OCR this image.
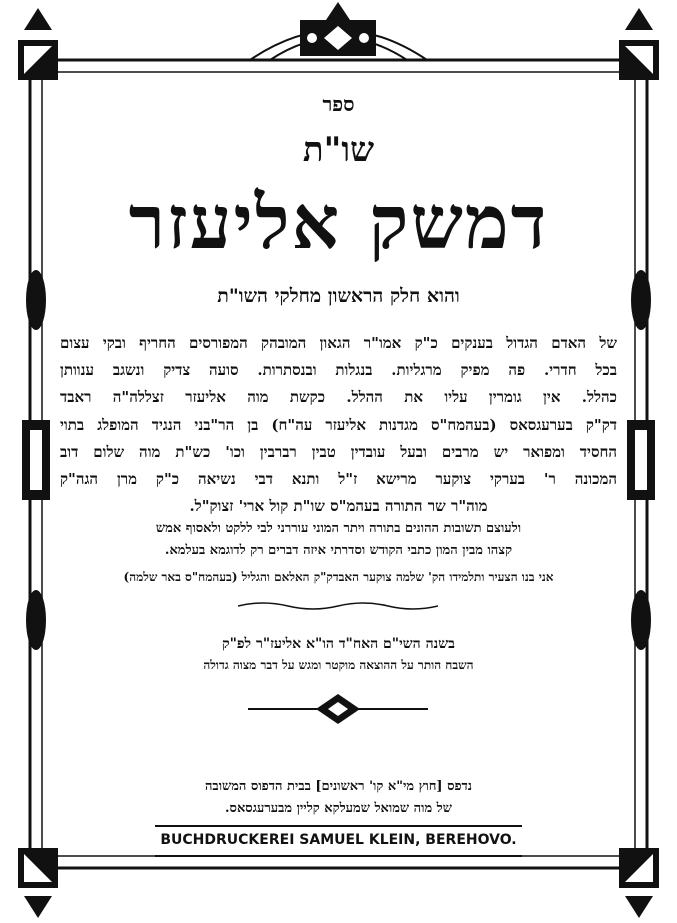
ספר
שו"ת
דמשק אליעזר
והוא חלק הראשון מחלקי השו"ת
של האדם הגדול בענקים כ"ק אמו"ר הגאון המובהק המפורסים החריף ובקי עצום
בכל חדרי. פה מפיק מרגליות. בנגלות ובנסתרות. סועה צדיק ונשגב ענוותן
כהלל. אין גומרין עליו את ההלל. כקשת מוה אליעזר זצללה"ה ראבד
דק"ק בערעגסאס (בעהמח"ס מגדנות אליעזר עה"ח) בן הר"בני הנגיד המופלג בתוי
החסיד ומפואר יש מרבים ובעל עובדין טבין רברבין וכו' כש"ת מוה שלום דוב
המכונה ר' בערקי צוקער מרישא ז"ל ותנא דבי נשיאה כ"ק מרן הגה"ק
מוה"ר שר התורה בעהמ"ס שו"ת קול ארי' זצוק"ל.
ולעוצם תשובות ההונים בתורה ויתר המוני עוררני לבי ללקט ולאסוף אמש
קצהו מבין המון כתבי הקודש וסדרתי איזה דברים רק לדוגמא בעלמא.
אני בנו הצעיר ותלמידו הק' שלמה צוקער האבדק"ק האלאם והגליל (בעהמח"ס באר שלמה)
בשנה השי"ם האח"ד הו"א אליעז"ר לפ"ק
השבח הותר על ההוצאה מוקטר ומגש על דבר מצוה גדולה
נדפס [חוץ מי"א קו' ראשונים] בבית הדפוס המשובה
של מוה שמואל שמעלקא קליין מבערעגסאס.
BUCHDRUCKEREI SAMUEL KLEIN, BEREHOVO.
